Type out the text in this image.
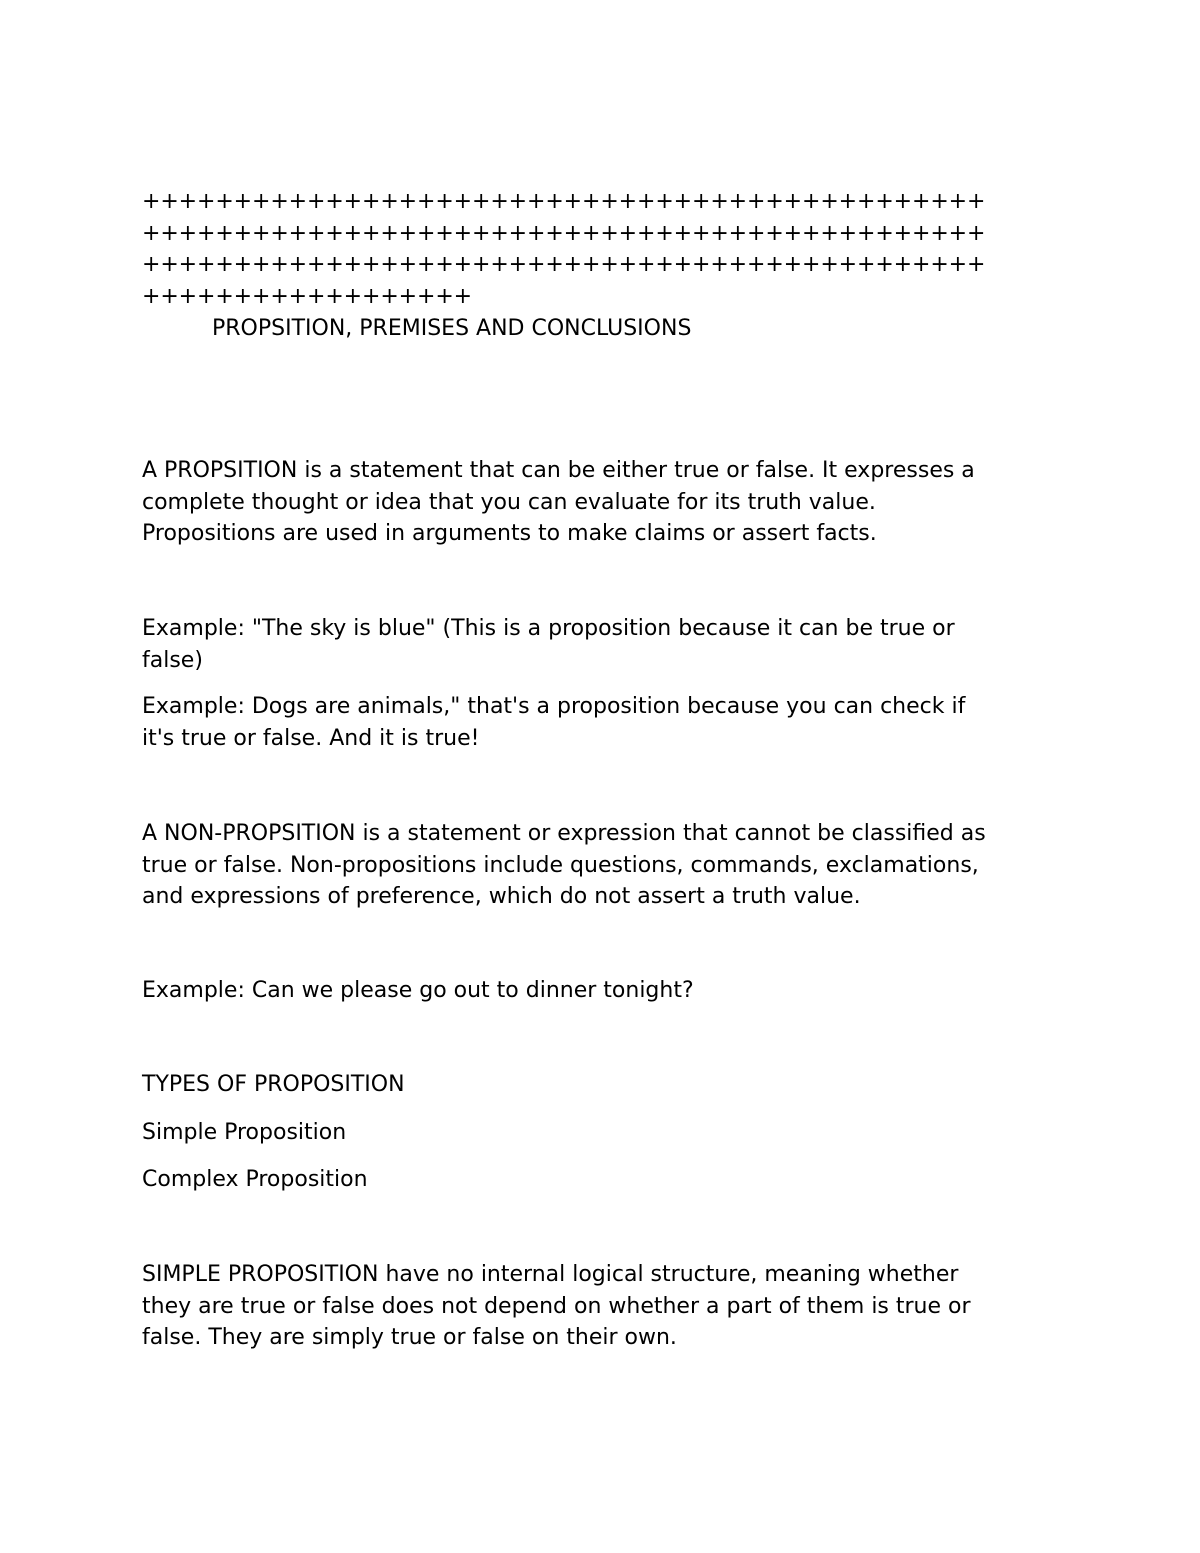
++++++++++++++++++++++++++++++++++++++++++++++
++++++++++++++++++++++++++++++++++++++++++++++
++++++++++++++++++++++++++++++++++++++++++++++
++++++++++++++++++
PROPSITION, PREMISES AND CONCLUSIONS
A PROPSITION is a statement that can be either true or false. It expresses a
complete thought or idea that you can evaluate for its truth value.
Propositions are used in arguments to make claims or assert facts.
Example: "The sky is blue" (This is a proposition because it can be true or
false)
Example: Dogs are animals," that's a proposition because you can check if
it's true or false. And it is true!
A NON-PROPSITION is a statement or expression that cannot be classified as
true or false. Non-propositions include questions, commands, exclamations,
and expressions of preference, which do not assert a truth value.
Example: Can we please go out to dinner tonight?
TYPES OF PROPOSITION
Simple Proposition
Complex Proposition
SIMPLE PROPOSITION have no internal logical structure, meaning whether
they are true or false does not depend on whether a part of them is true or
false. They are simply true or false on their own.
